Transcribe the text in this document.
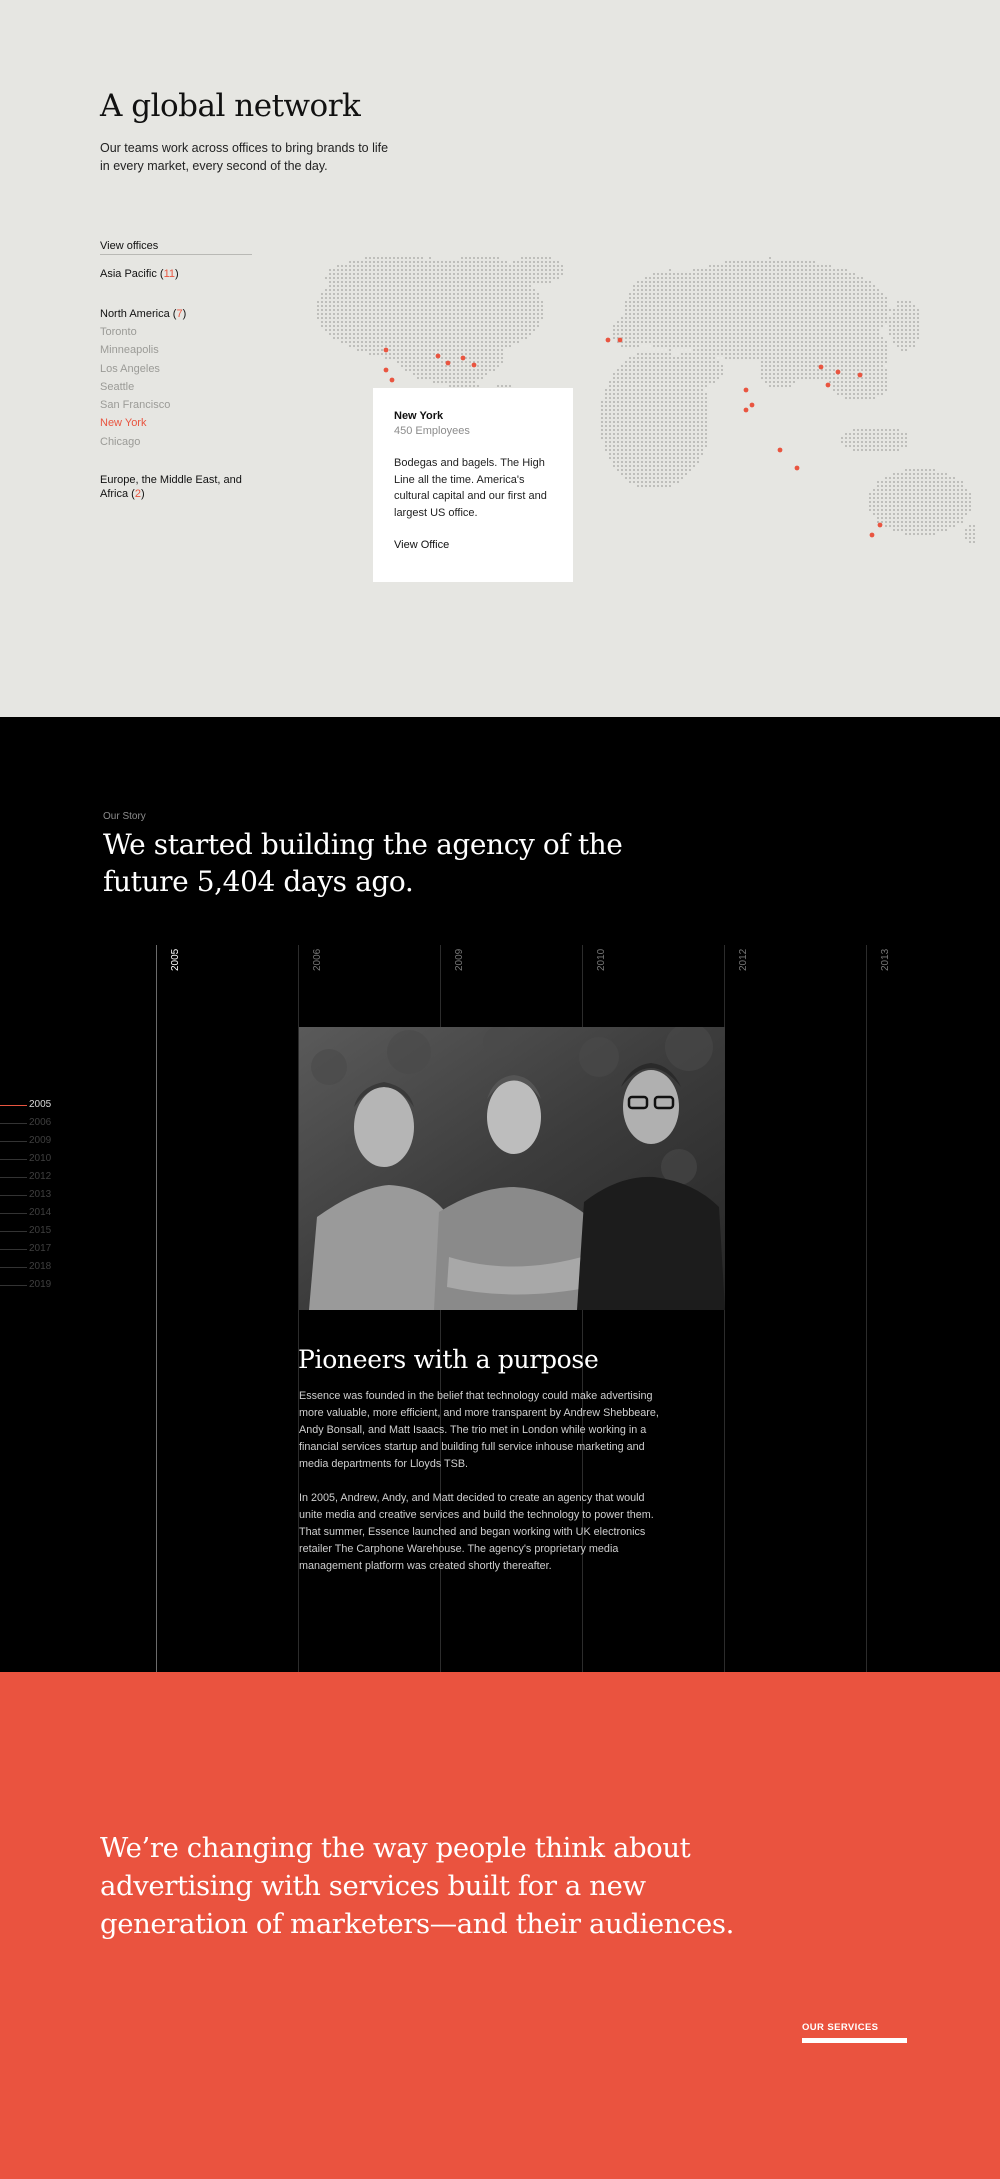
A global network

Our teams work across offices to bring brands to life in every market, every second of the day.

View offices
Asia Pacific (11)
North America (7)
Toronto
Minneapolis
Los Angeles
Seattle
San Francisco
New York
Chicago
Europe, the Middle East, and Africa (2)
New York
450 Employees

Bodegas and bagels. The High Line all the time. America's cultural capital and our first and largest US office.

View Office
Our Story
We started building the agency of the future 5,404 days ago.
2005	2006	2009	2010	2012	2013
2005
2006
2009
2010
2012
2013
2014
2015
2017
2018
2019
Pioneers with a purpose

Essence was founded in the belief that technology could make advertising more valuable, more efficient, and more transparent by Andrew Shebbeare, Andy Bonsall, and Matt Isaacs. The trio met in London while working in a financial services startup and building full service inhouse marketing and media departments for Lloyds TSB.

In 2005, Andrew, Andy, and Matt decided to create an agency that would unite media and creative services and build the technology to power them. That summer, Essence launched and began working with UK electronics retailer The Carphone Warehouse. The agency's proprietary media management platform was created shortly thereafter.

We’re changing the way people think about advertising with services built for a new generation of marketers—and their audiences.

OUR SERVICES
